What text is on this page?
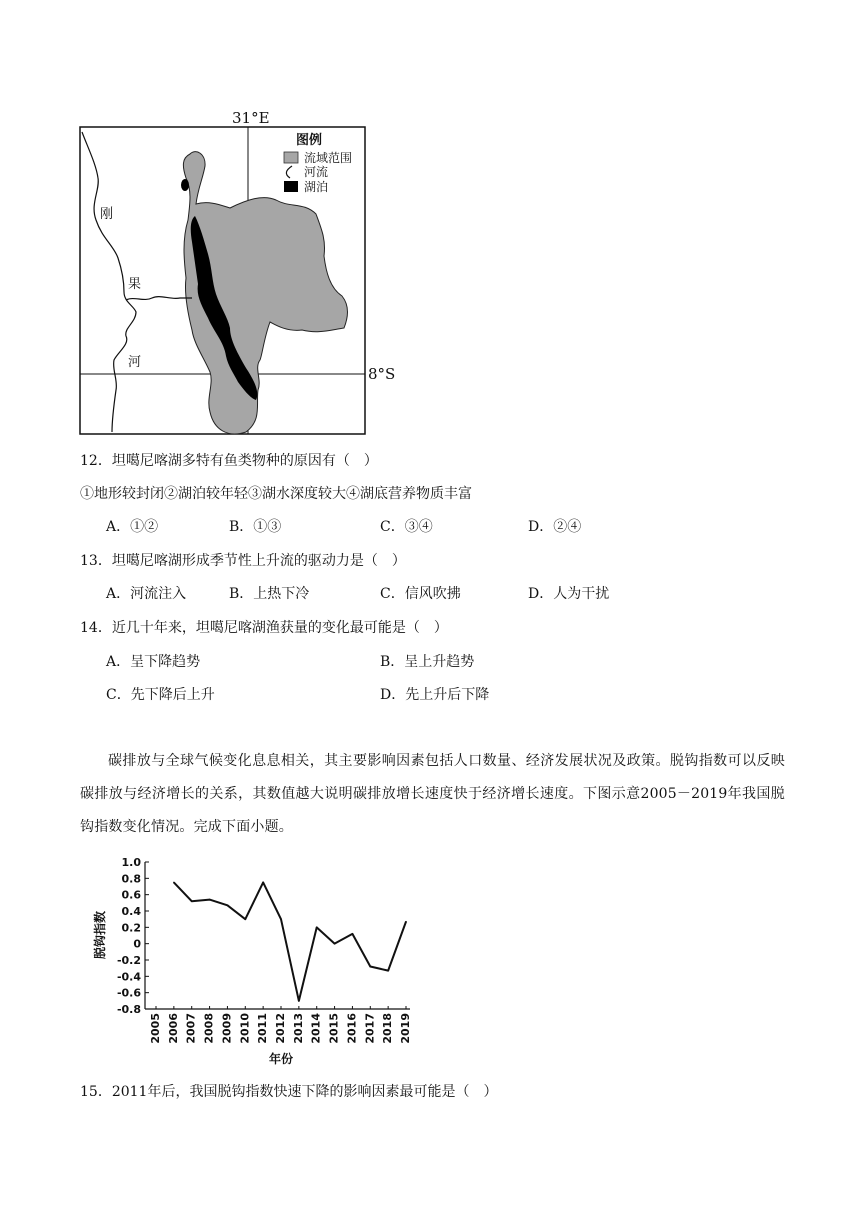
图例
流域范围
河流
湖泊
刚
果
河
31°E
8°S
12．坦噶尼喀湖多特有鱼类物种的原因有（　）
①地形较封闭②湖泊较年轻③湖水深度较大④湖底营养物质丰富
A．①②	B．①③	C．③④	D．②④
13．坦噶尼喀湖形成季节性上升流的驱动力是（　）
A．河流注入	B．上热下冷	C．信风吹拂	D．人为干扰
14．近几十年来，坦噶尼喀湖渔获量的变化最可能是（　）
A．呈下降趋势	B．呈上升趋势
C．先下降后上升	D．先上升后下降

碳排放与全球气候变化息息相关，其主要影响因素包括人口数量、经济发展状况及政策。脱钩指数可以反映碳排放与经济增长的关系，其数值越大说明碳排放增长速度快于经济增长速度。下图示意2005－2019年我国脱钩指数变化情况。完成下面小题。

1.0
0.8
0.6
0.4
0.2
0
-0.2
-0.4
-0.6
-0.8
2005 2006 2007 2008 2009 2010 2011 2012 2013 2014 2015 2016 2017 2018 2019
脱钩指数
年份
15．2011年后，我国脱钩指数快速下降的影响因素最可能是（　）
